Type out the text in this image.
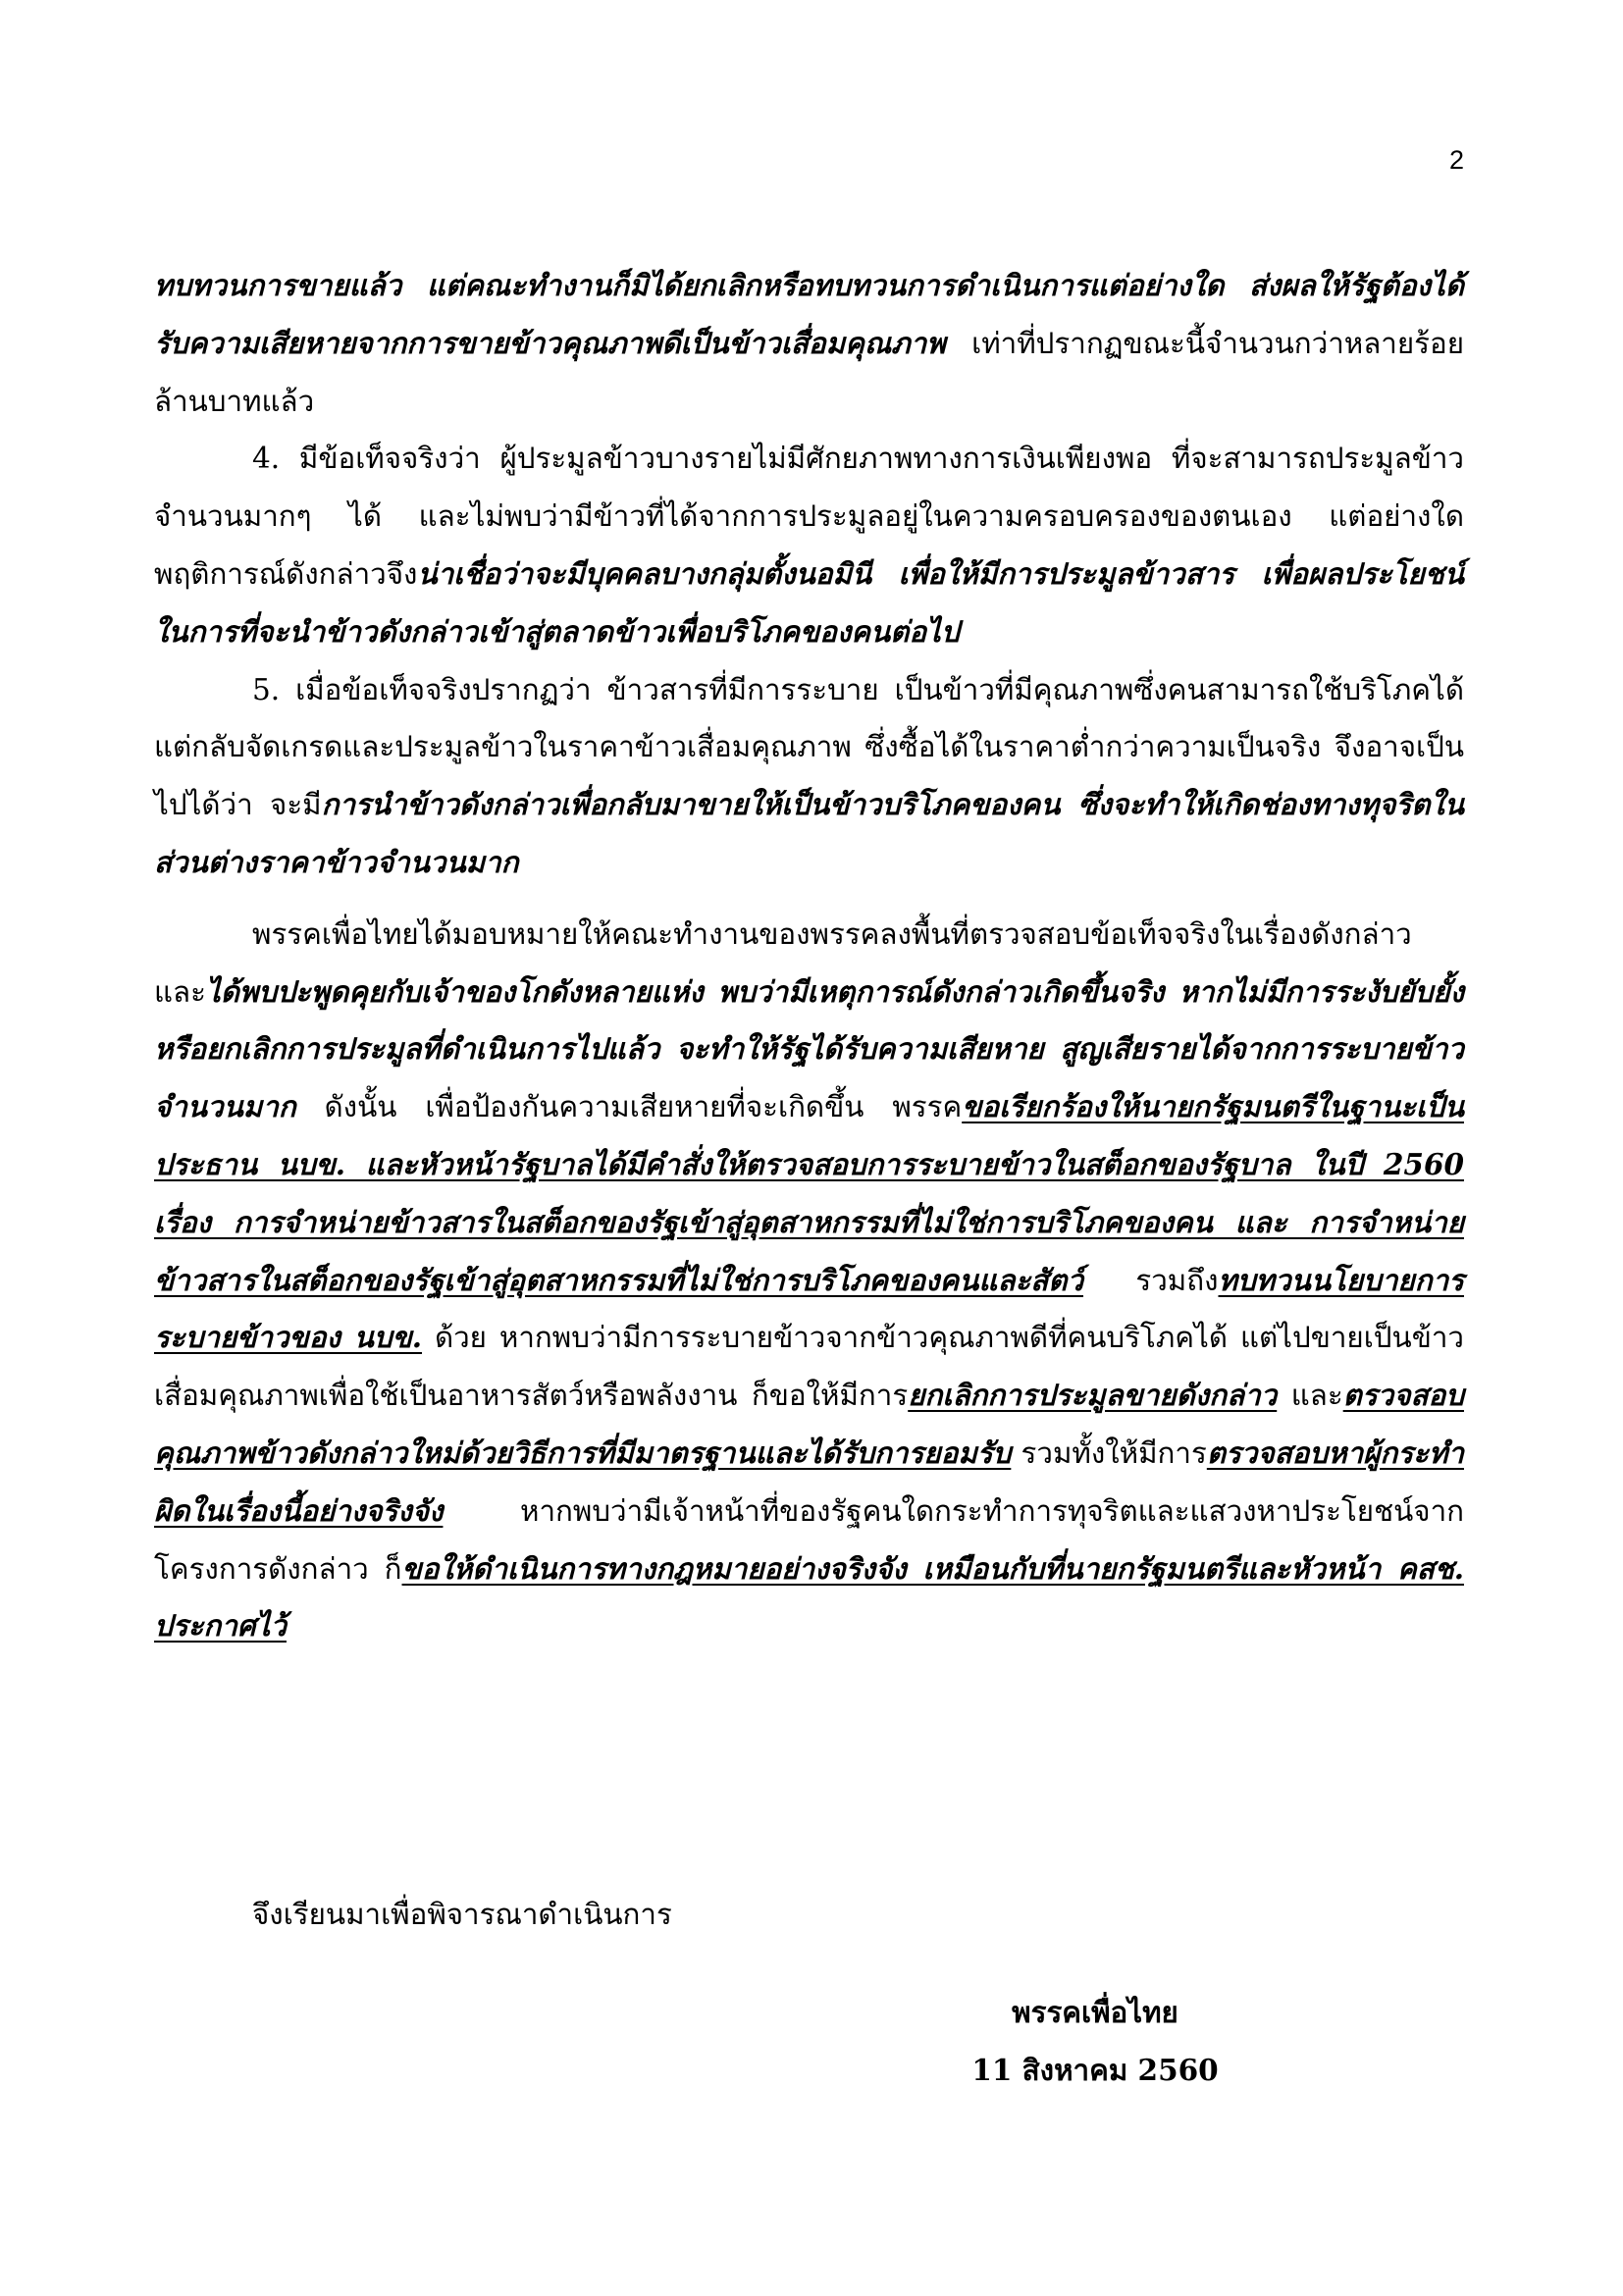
2

ทบทวนการขายแล้ว แต่คณะทำงานก็มิได้ยกเลิกหรือทบทวนการดำเนินการแต่อย่างใด ส่งผลให้รัฐต้องได้รับความเสียหายจากการขายข้าวคุณภาพดีเป็นข้าวเสื่อมคุณภาพ เท่าที่ปรากฏขณะนี้จำนวนกว่าหลายร้อยล้านบาทแล้ว

4. มีข้อเท็จจริงว่า ผู้ประมูลข้าวบางรายไม่มีศักยภาพทางการเงินเพียงพอ ที่จะสามารถประมูลข้าวจำนวนมากๆ ได้ และไม่พบว่ามีข้าวที่ได้จากการประมูลอยู่ในความครอบครองของตนเอง แต่อย่างใด พฤติการณ์ดังกล่าวจึงน่าเชื่อว่าจะมีบุคคลบางกลุ่มตั้งนอมินี เพื่อให้มีการประมูลข้าวสาร เพื่อผลประโยชน์ในการที่จะนำข้าวดังกล่าวเข้าสู่ตลาดข้าวเพื่อบริโภคของคนต่อไป

5. เมื่อข้อเท็จจริงปรากฏว่า ข้าวสารที่มีการระบาย เป็นข้าวที่มีคุณภาพซึ่งคนสามารถใช้บริโภคได้ แต่กลับจัดเกรดและประมูลข้าวในราคาข้าวเสื่อมคุณภาพ ซึ่งซื้อได้ในราคาต่ำกว่าความเป็นจริง จึงอาจเป็นไปได้ว่า จะมีการนำข้าวดังกล่าวเพื่อกลับมาขายให้เป็นข้าวบริโภคของคน ซึ่งจะทำให้เกิดช่องทางทุจริตในส่วนต่างราคาข้าวจำนวนมาก

พรรคเพื่อไทยได้มอบหมายให้คณะทำงานของพรรคลงพื้นที่ตรวจสอบข้อเท็จจริงในเรื่องดังกล่าว และได้พบปะพูดคุยกับเจ้าของโกดังหลายแห่ง พบว่ามีเหตุการณ์ดังกล่าวเกิดขึ้นจริง หากไม่มีการระงับยับยั้งหรือยกเลิกการประมูลที่ดำเนินการไปแล้ว จะทำให้รัฐได้รับความเสียหาย สูญเสียรายได้จากการระบายข้าวจำนวนมาก ดังนั้น เพื่อป้องกันความเสียหายที่จะเกิดขึ้น พรรคขอเรียกร้องให้นายกรัฐมนตรีในฐานะเป็นประธาน นบข. และหัวหน้ารัฐบาลได้มีคำสั่งให้ตรวจสอบการระบายข้าวในสต็อกของรัฐบาล ในปี 2560 เรื่อง การจำหน่ายข้าวสารในสต็อกของรัฐเข้าสู่อุตสาหกรรมที่ไม่ใช่การบริโภคของคน และ การจำหน่ายข้าวสารในสต็อกของรัฐเข้าสู่อุตสาหกรรมที่ไม่ใช่การบริโภคของคนและสัตว์ รวมถึงทบทวนนโยบายการระบายข้าวของ นบข. ด้วย หากพบว่ามีการระบายข้าวจากข้าวคุณภาพดีที่คนบริโภคได้ แต่ไปขายเป็นข้าวเสื่อมคุณภาพเพื่อใช้เป็นอาหารสัตว์หรือพลังงาน ก็ขอให้มีการยกเลิกการประมูลขายดังกล่าว และตรวจสอบคุณภาพข้าวดังกล่าวใหม่ด้วยวิธีการที่มีมาตรฐานและได้รับการยอมรับ รวมทั้งให้มีการตรวจสอบหาผู้กระทำผิดในเรื่องนี้อย่างจริงจัง หากพบว่ามีเจ้าหน้าที่ของรัฐคนใดกระทำการทุจริตและแสวงหาประโยชน์จากโครงการดังกล่าว ก็ขอให้ดำเนินการทางกฎหมายอย่างจริงจัง เหมือนกับที่นายกรัฐมนตรีและหัวหน้า คสช. ประกาศไว้

จึงเรียนมาเพื่อพิจารณาดำเนินการ
พรรคเพื่อไทย
11 สิงหาคม 2560
